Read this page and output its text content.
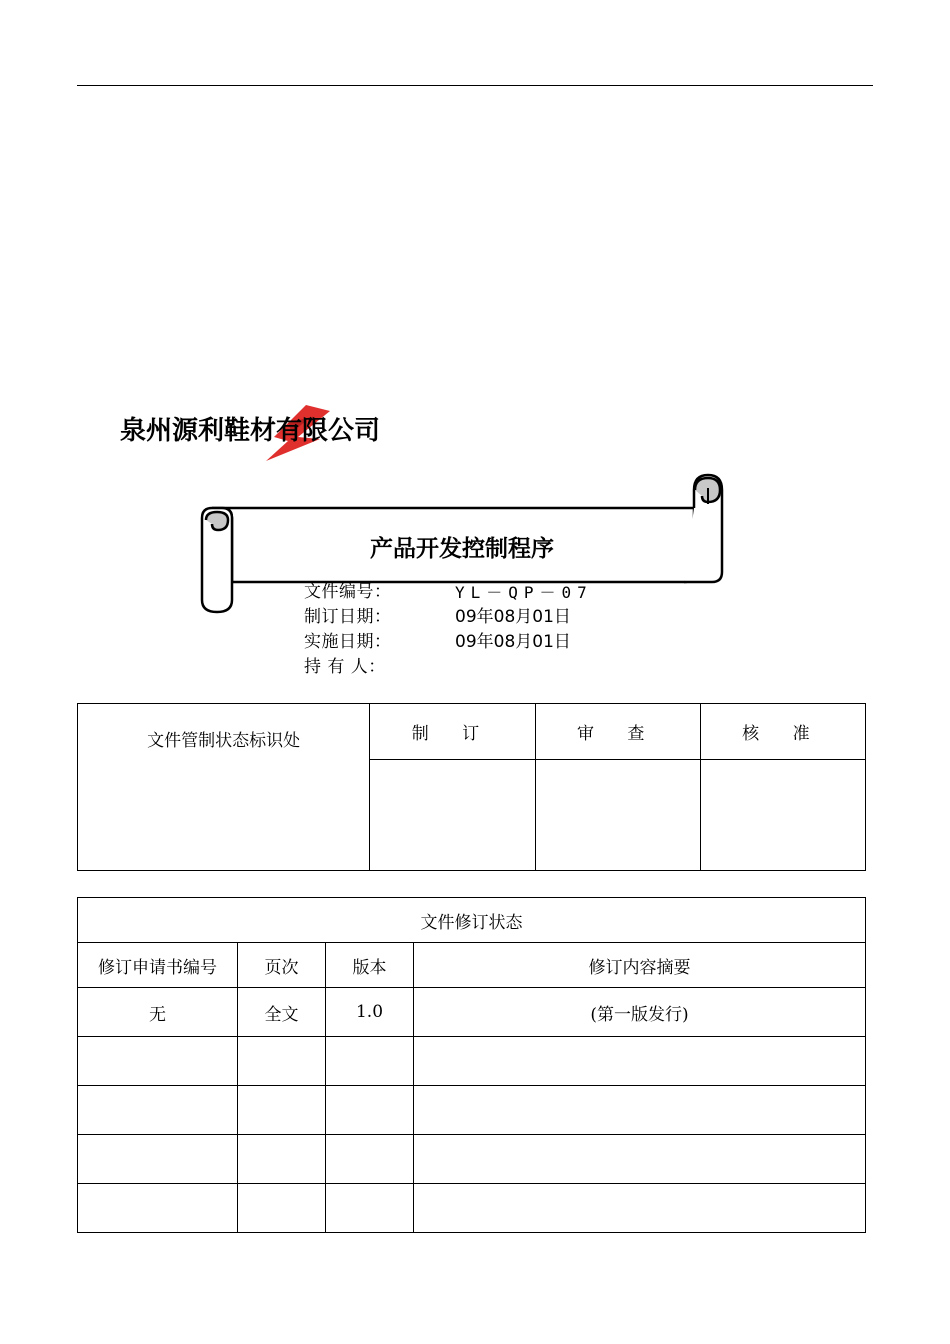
泉州源利鞋材有限公司
产品开发控制程序
文件编号：	YL－QP－07
制订日期：	09年08月01日
实施日期：	09年08月01日
持 有 人：
文件管制状态标识处	制 订	审 查	核 准

文件修订状态			
修订申请书编号	页次	版本	修订内容摘要
无	全文	1.0	(第一版发行)
